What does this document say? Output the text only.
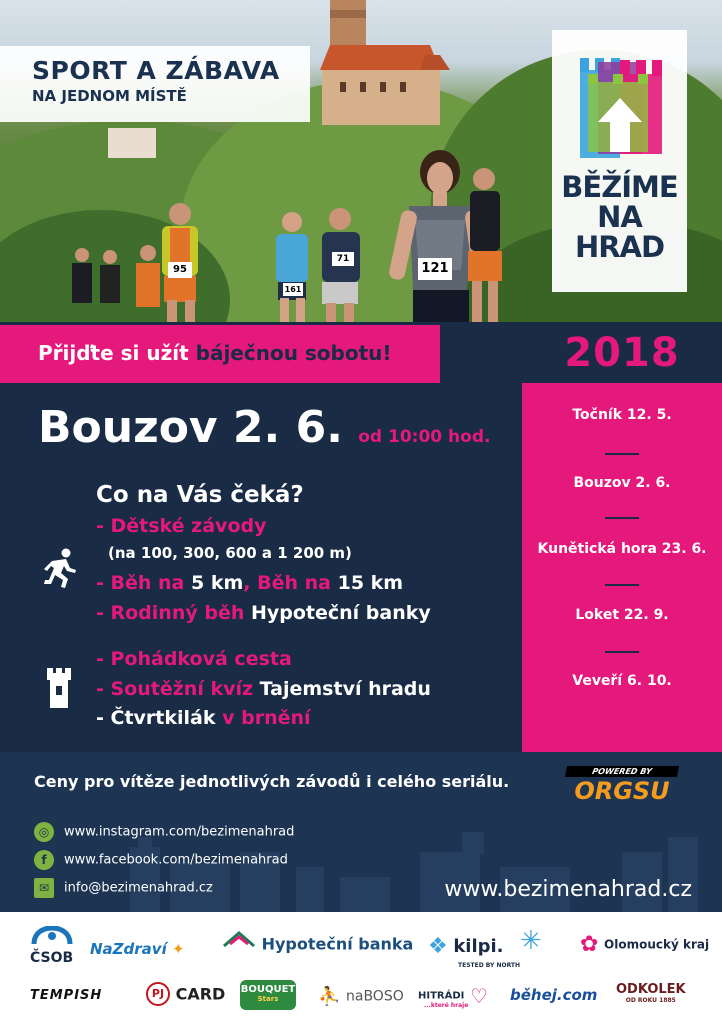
95
161
71
121
SPORT A ZÁBAVA
NA JEDNOM MÍSTĚ
BĚŽÍME
NA HRAD
Přijďte si užít báječnou sobotu!	2018
Točník 12. 5.
Bouzov 2. 6.
Kunětická hora 23. 6.
Loket 22. 9.
Veveří 6. 10.
Bouzov 2. 6. od 10:00 hod.
Co na Vás čeká?
- Dětské závody
(na 100, 300, 600 a 1 200 m)
- Běh na 5 km, Běh na 15 km
- Rodinný běh Hypoteční banky
- Pohádková cesta
- Soutěžní kvíz Tajemství hradu
- Čtvrtkilák v brnění
Ceny pro vítěze jednotlivých závodů i celého seriálu.
POWERED BY
ORGSU
◎ www.instagram.com/bezimenahrad
f www.facebook.com/bezimenahrad
✉ info@bezimenahrad.cz	www.bezimenahrad.cz
ČSOB NaZdraví ✦	Hypoteční banka ❖ kilpi.
TESTED BY NORTH
✳ ✿ Olomoucký kraj
TEMPISH	PJ CARD BOUQUET
Stars	⛹ naBOSO HITRÁDI ♡
...které hraje
běhej.com ODKOLEK
OD ROKU 1885
